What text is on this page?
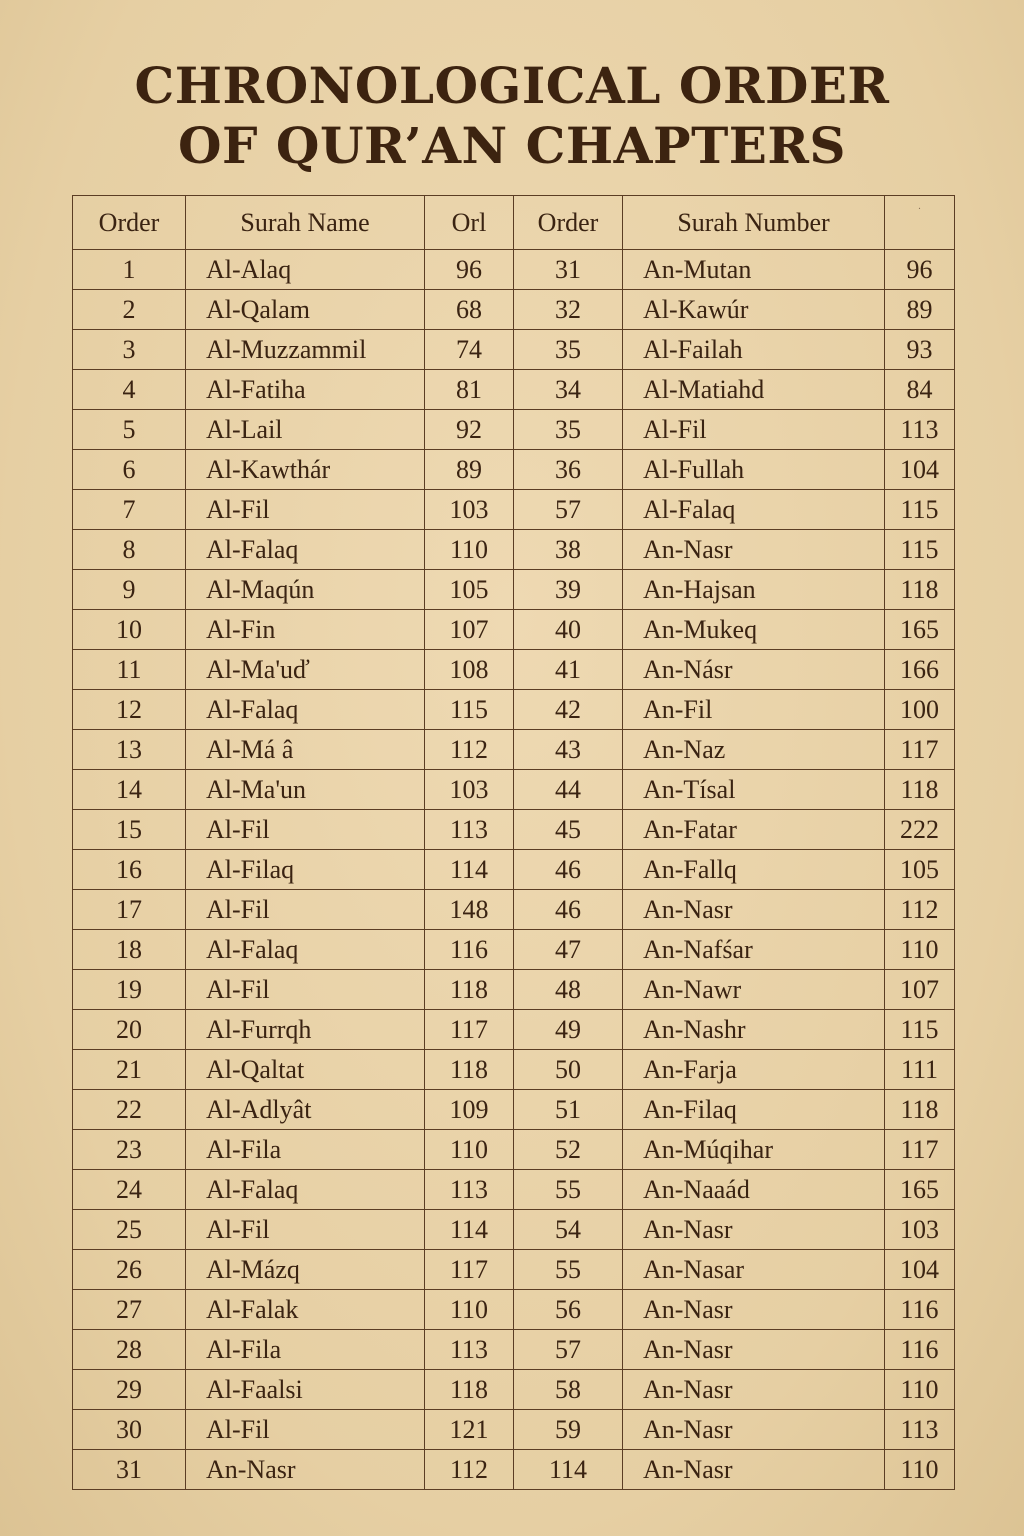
CHRONOLOGICAL ORDER
OF QUR’AN CHAPTERS
Order	Surah Name	Orl	Order	Surah Number	.
1	Al-Alaq	96	31	An-Mutan	96
2	Al-Qalam	68	32	Al-Kawúr	89
3	Al-Muzzammil	74	35	Al-Failah	93
4	Al-Fatiha	81	34	Al-Matiahd	84
5	Al-Lail	92	35	Al-Fil	113
6	Al-Kawthár	89	36	Al-Fullah	104
7	Al-Fil	103	57	Al-Falaq	115
8	Al-Falaq	110	38	An-Nasr	115
9	Al-Maqún	105	39	An-Hajsan	118
10	Al-Fin	107	40	An-Mukeq	165
11	Al-Ma'uď	108	41	An-Násr	166
12	Al-Falaq	115	42	An-Fil	100
13	Al-Má â	112	43	An-Naz	117
14	Al-Ma'un	103	44	An-Tísal	118
15	Al-Fil	113	45	An-Fatar	222
16	Al-Filaq	114	46	An-Fallq	105
17	Al-Fil	148	46	An-Nasr	112
18	Al-Falaq	116	47	An-Nafśar	110
19	Al-Fil	118	48	An-Nawr	107
20	Al-Furrqh	117	49	An-Nashr	115
21	Al-Qaltat	118	50	An-Farja	111
22	Al-Adlyât	109	51	An-Filaq	118
23	Al-Fila	110	52	An-Múqihar	117
24	Al-Falaq	113	55	An-Naaád	165
25	Al-Fil	114	54	An-Nasr	103
26	Al-Mázq	117	55	An-Nasar	104
27	Al-Falak	110	56	An-Nasr	116
28	Al-Fila	113	57	An-Nasr	116
29	Al-Faalsi	118	58	An-Nasr	110
30	Al-Fil	121	59	An-Nasr	113
31	An-Nasr	112	114	An-Nasr	110
